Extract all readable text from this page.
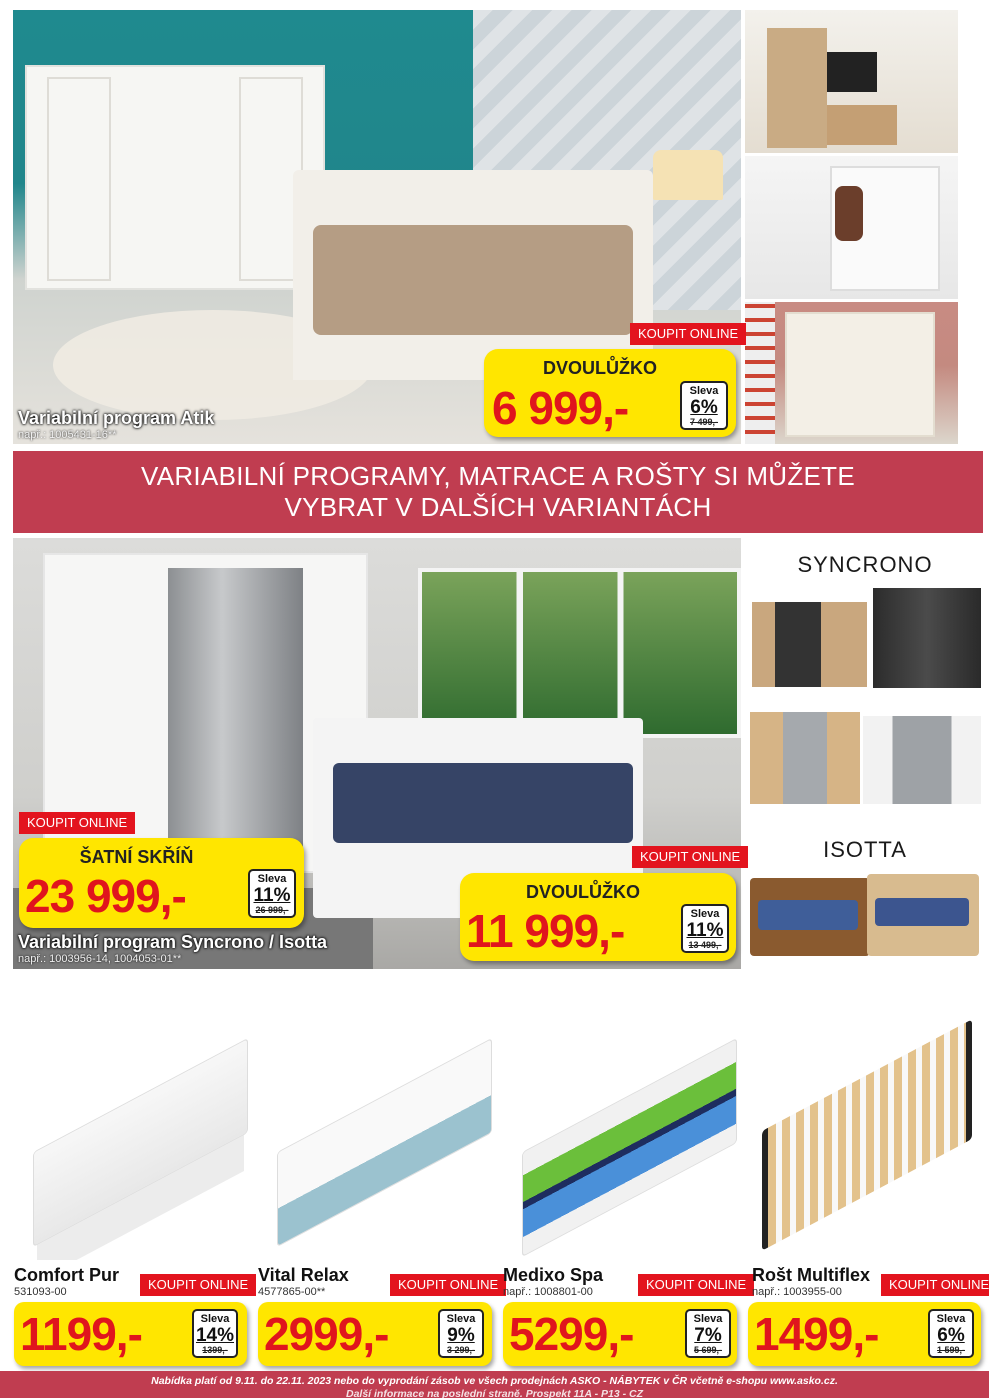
Variabilní program Atik
např.: 1005431-16**
KOUPIT ONLINE
DVOULŮŽKO
6 999,-	Sleva
6%
7 499,-
VARIABILNÍ PROGRAMY, MATRACE A ROŠTY SI MŮŽETE
VYBRAT V DALŠÍCH VARIANTÁCH
SYNCRONO
ISOTTA
KOUPIT ONLINE
ŠATNÍ SKŘÍŇ
23 999,-	Sleva
11%
26 999,-
KOUPIT ONLINE
DVOULŮŽKO
11 999,-	Sleva
11%
13 499,-
Variabilní program Syncrono / Isotta
např.: 1003956-14, 1004053-01**
Comfort Pur
531093-00	KOUPIT ONLINE
1199,-	Sleva
14%
1399,-
Vital Relax
4577865-00**	KOUPIT ONLINE
2999,-	Sleva
9%
3 299,-
Medixo Spa
např.: 1008801-00	KOUPIT ONLINE
5299,-	Sleva
7%
5 699,-
Rošt Multiflex
např.: 1003955-00	KOUPIT ONLINE
1499,-	Sleva
6%
1 599,-
Nabídka platí od 9.11. do 22.11. 2023 nebo do vyprodání zásob ve všech prodejnách ASKO - NÁBYTEK v ČR včetně e-shopu www.asko.cz.
Další informace na poslední straně. Prospekt 11A - P13 - CZ
